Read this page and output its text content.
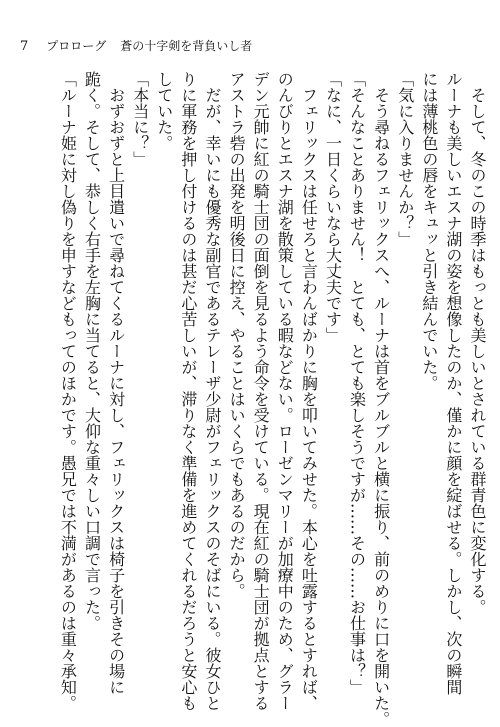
7 プロローグ 蒼の十字剣を背負いし者
そして、冬のこの時季はもっとも美しいとされている群青色に変化する。
ルーナも美しいエスナ湖の姿を想像したのか、僅かに顔を綻ばせる。しかし、次の瞬間
には薄桃色の唇をキュッと引き結んでいた。
「気に入りませんか？」
そう尋ねるフェリックスへ、ルーナは首をブルブルと横に振り、前のめりに口を開いた。
「そんなことありません！　とても、とても楽しそうですが……その……お仕事は？」
「なに、一日くらいなら大丈夫です」
フェリックスは任せろと言わんばかりに胸を叩いてみせた。本心を吐露するとすれば、
のんびりとエスナ湖を散策している暇などない。ローゼンマリーが加療中のため、グラー
デン元帥に紅の騎士団の面倒を見るよう命令を受けている。現在紅の騎士団が拠点とする
アストラ砦の出発を明後日に控え、やることはいくらでもあるのだから。
だが、幸いにも優秀な副官であるテレーザ少尉がフェリックスのそばにいる。彼女ひと
りに軍務を押し付けるのは甚だ心苦しいが、滞りなく準備を進めてくれるだろうと安心も
していた。
「本当に？」
おずおずと上目遣いで尋ねてくるルーナに対し、フェリックスは椅子を引きその場に
跪く。そして、恭しく右手を左胸に当てると、大仰な重々しい口調で言った。
「ルーナ姫に対し偽りを申すなどもってのほかです。愚兄では不満があるのは重々承知。
